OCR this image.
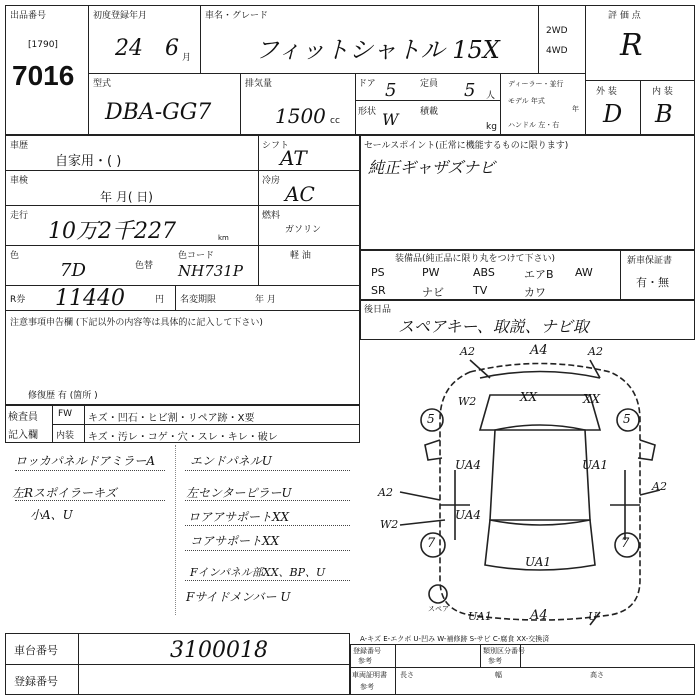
出品番号
[1790]
7016
初度登録年月
24 6 月
車名・グレード
フィットシャトル 15X
2WD
4WD
評 価 点
R
型式
DBA-GG7
排気量
1500 cc
ドア 5	定員 5 人
形状 W 積載
kg
ディーラー・並行
モデル 年式
年
ハンドル 左・右
外 装	内 装
D B
車歴
自家用・( )
シフト
AT
車検
年 月( 日)
冷房
AC
走行
10万2千227	km
燃料
ガソリン
軽 油
色
7D	色替
色コード
NH731P
R券 11440	円 名変期限	年 月
注意事項申告欄 (下記以外の内容等は具体的に記入して下さい)
修復歴 有 (箇所 )
セールスポイント(正常に機能するものに限ります)
純正ギャザズナビ
装備品(純正品に限り丸をつけて下さい)	新車保証書
有・無
PS	PW	ABS	エアB AW
SR	ナビ	TV	カワ
後日品
スペアキー、取説、ナビ取
検査員
記入欄
FW キズ・凹石・ヒビ割・リペア跡・X要
内装 キズ・汚レ・コゲ・穴・スレ・キレ・破レ
ロッカパネルドアミラーA
左Rスポイラーキズ
小A、U
エンドパネルU
左センターピラーU
ロアアサポートXX
コアサポートXX
Fインパネル部XX、BP、U
Fサイドメンバー U
A2	A4	A2
XX	XX
W2
5	5
UA4	UA1
A2
A2
W2
UA4
7	7
UA1
UA1	A4	U
スペア
車台番号	3100018
登録番号
A-キズ E-エクボ U-凹み W-補修跡 S-サビ C-腐食 XX-交換済
登録番号
参考
類別区分番号
参考
車両証明書
参考
長さ	幅	高さ
